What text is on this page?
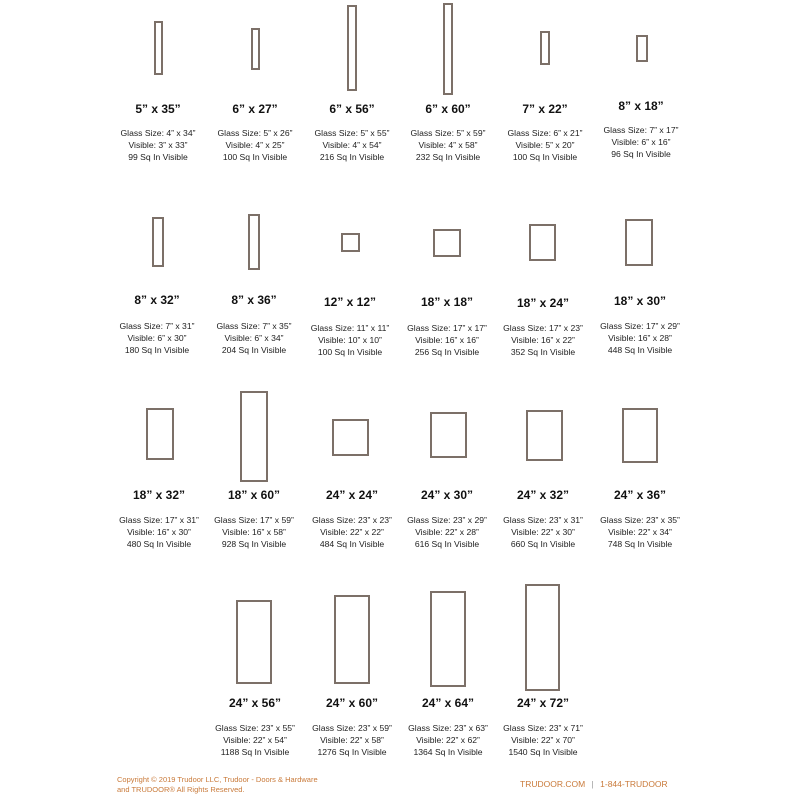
5” x 35”
Glass Size: 4” x 34”
Visible: 3” x 33”
99 Sq In Visible
6” x 27”
Glass Size: 5” x 26”
Visible: 4” x 25”
100 Sq In Visible
6” x 56”
Glass Size: 5” x 55”
Visible: 4” x 54”
216 Sq In Visible
6” x 60”
Glass Size: 5” x 59”
Visible: 4” x 58”
232 Sq In Visible
7” x 22”
Glass Size: 6” x 21”
Visible: 5” x 20”
100 Sq In Visible
8” x 18”
Glass Size: 7” x 17”
Visible: 6” x 16”
96 Sq In Visible
8” x 32”
Glass Size: 7” x 31”
Visible: 6” x 30”
180 Sq In Visible
8” x 36”
Glass Size: 7” x 35”
Visible: 6” x 34”
204 Sq In Visible
12” x 12”
Glass Size: 11” x 11”
Visible: 10” x 10”
100 Sq In Visible
18” x 18”
Glass Size: 17” x 17”
Visible: 16” x 16”
256 Sq In Visible
18” x 24”
Glass Size: 17” x 23”
Visible: 16” x 22”
352 Sq In Visible
18” x 30”
Glass Size: 17” x 29”
Visible: 16” x 28”
448 Sq In Visible
18” x 32”
Glass Size: 17” x 31”
Visible: 16” x 30”
480 Sq In Visible
18” x 60”
Glass Size: 17” x 59”
Visible: 16” x 58”
928 Sq In Visible
24” x 24”
Glass Size: 23” x 23”
Visible: 22” x 22”
484 Sq In Visible
24” x 30”
Glass Size: 23” x 29”
Visible: 22” x 28”
616 Sq In Visible
24” x 32”
Glass Size: 23” x 31”
Visible: 22” x 30”
660 Sq In Visible
24” x 36”
Glass Size: 23” x 35”
Visible: 22” x 34”
748 Sq In Visible
24” x 56”
Glass Size: 23” x 55”
Visible: 22” x 54”
1188 Sq In Visible
24” x 60”
Glass Size: 23” x 59”
Visible: 22” x 58”
1276 Sq In Visible
24” x 64”
Glass Size: 23” x 63”
Visible: 22” x 62”
1364 Sq In Visible
24” x 72”
Glass Size: 23” x 71”
Visible: 22” x 70”
1540 Sq In Visible
Copyright © 2019 Trudoor LLC, Trudoor - Doors & Hardware
and TRUDOOR® All Rights Reserved.	TRUDOOR.COM | 1-844-TRUDOOR
